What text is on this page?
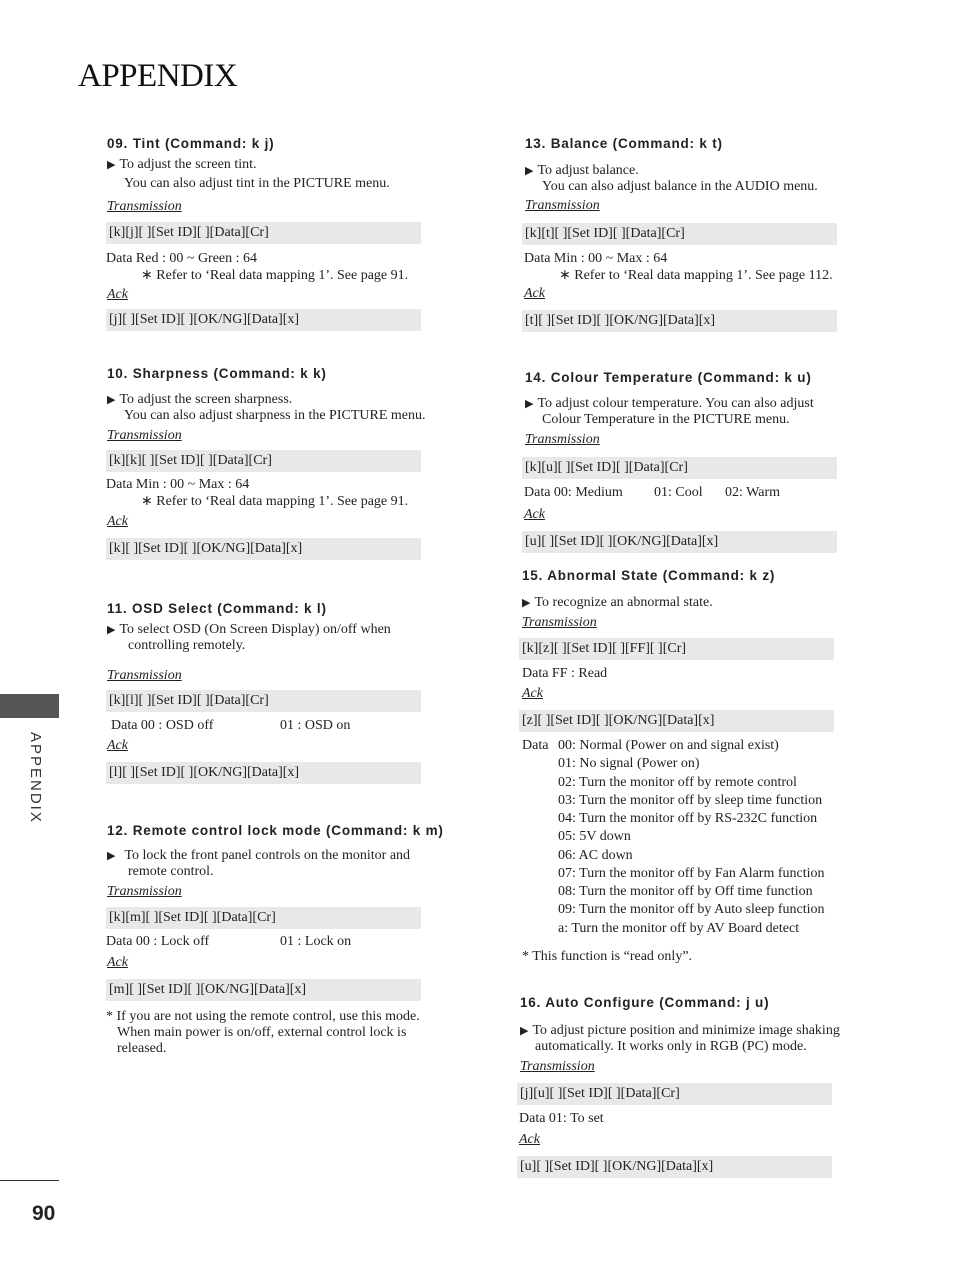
APPENDIX
APPENDIX
90
09. Tint (Command: k j)
▶ To adjust the screen tint.
You can also adjust tint in the PICTURE menu.
Transmission
[k][j][ ][Set ID][ ][Data][Cr]
Data Red : 00 ~ Green : 64
∗ Refer to ‘Real data mapping 1’. See page 91.
Ack
[j][ ][Set ID][ ][OK/NG][Data][x]
10. Sharpness (Command: k k)
▶ To adjust the screen sharpness.
You can also adjust sharpness in the PICTURE menu.
Transmission
[k][k][ ][Set ID][ ][Data][Cr]
Data Min : 00 ~ Max : 64
∗ Refer to ‘Real data mapping 1’. See page 91.
Ack
[k][ ][Set ID][ ][OK/NG][Data][x]
11. OSD Select (Command: k l)
▶ To select OSD (On Screen Display) on/off when
controlling remotely.
Transmission
[k][l][ ][Set ID][ ][Data][Cr]
Data 00 : OSD off	01 : OSD on
Ack
[l][ ][Set ID][ ][OK/NG][Data][x]
12. Remote control lock mode (Command: k m)
▶ To lock the front panel controls on the monitor and
remote control.
Transmission
[k][m][ ][Set ID][ ][Data][Cr]
Data 00 : Lock off	01 : Lock on
Ack
[m][ ][Set ID][ ][OK/NG][Data][x]
* If you are not using the remote control, use this mode.
When main power is on/off, external control lock is
released.
13. Balance (Command: k t)
▶ To adjust balance.
You can also adjust balance in the AUDIO menu.
Transmission
[k][t][ ][Set ID][ ][Data][Cr]
Data Min : 00 ~ Max : 64
∗ Refer to ‘Real data mapping 1’. See page 112.
Ack
[t][ ][Set ID][ ][OK/NG][Data][x]
14. Colour Temperature (Command: k u)
▶ To adjust colour temperature. You can also adjust
Colour Temperature in the PICTURE menu.
Transmission
[k][u][ ][Set ID][ ][Data][Cr]
Data 00: Medium 01: Cool 02: Warm
Ack
[u][ ][Set ID][ ][OK/NG][Data][x]
15. Abnormal State (Command: k z)
▶ To recognize an abnormal state.
Transmission
[k][z][ ][Set ID][ ][FF][ ][Cr]
Data FF : Read
Ack
[z][ ][Set ID][ ][OK/NG][Data][x]
Data 00: Normal (Power on and signal exist)
01: No signal (Power on)
02: Turn the monitor off by remote control
03: Turn the monitor off by sleep time function
04: Turn the monitor off by RS-232C function
05: 5V down
06: AC down
07: Turn the monitor off by Fan Alarm function
08: Turn the monitor off by Off time function
09: Turn the monitor off by Auto sleep function
a: Turn the monitor off by AV Board detect
* This function is “read only”.
16. Auto Configure (Command: j u)
▶ To adjust picture position and minimize image shaking
automatically. It works only in RGB (PC) mode.
Transmission
[j][u][ ][Set ID][ ][Data][Cr]
Data 01: To set
Ack
[u][ ][Set ID][ ][OK/NG][Data][x]
